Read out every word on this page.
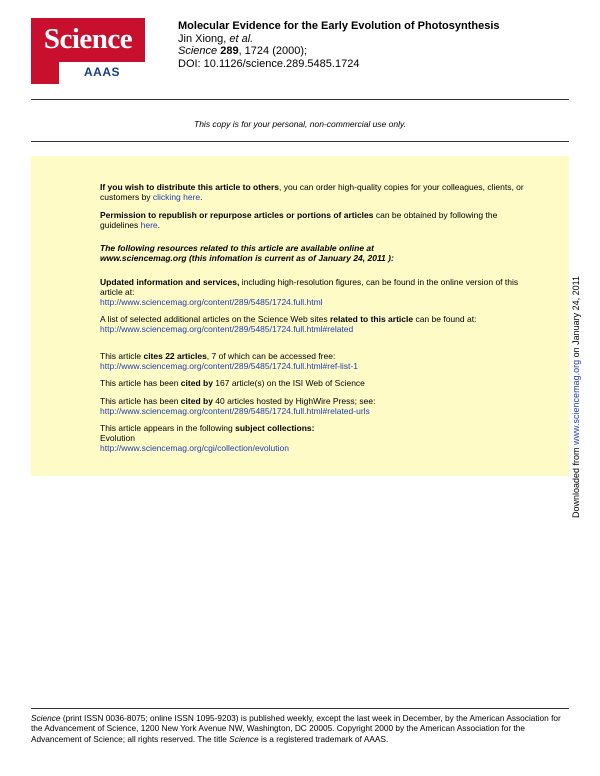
Science
AAAS
Molecular Evidence for the Early Evolution of Photosynthesis
Jin Xiong, et al.
Science 289, 1724 (2000);
DOI: 10.1126/science.289.5485.1724
This copy is for your personal, non-commercial use only.
If you wish to distribute this article to others, you can order high-quality copies for your colleagues, clients, or customers by clicking here.
Permission to republish or repurpose articles or portions of articles can be obtained by following the guidelines here.
The following resources related to this article are available online at www.sciencemag.org (this infomation is current as of January 24, 2011 ):
Updated information and services, including high-resolution figures, can be found in the online version of this article at:
http://www.sciencemag.org/content/289/5485/1724.full.html
A list of selected additional articles on the Science Web sites related to this article can be found at:
http://www.sciencemag.org/content/289/5485/1724.full.html#related
This article cites 22 articles, 7 of which can be accessed free:
http://www.sciencemag.org/content/289/5485/1724.full.html#ref-list-1
This article has been cited by 167 article(s) on the ISI Web of Science
This article has been cited by 40 articles hosted by HighWire Press; see:
http://www.sciencemag.org/content/289/5485/1724.full.html#related-urls
This article appears in the following subject collections:
Evolution
http://www.sciencemag.org/cgi/collection/evolution	Downloaded from www.sciencemag.org on January 24, 2011
Science (print ISSN 0036-8075; online ISSN 1095-9203) is published weekly, except the last week in December, by the American Association for the Advancement of Science, 1200 New York Avenue NW, Washington, DC 20005. Copyright 2000 by the American Association for the Advancement of Science; all rights reserved. The title Science is a registered trademark of AAAS.
